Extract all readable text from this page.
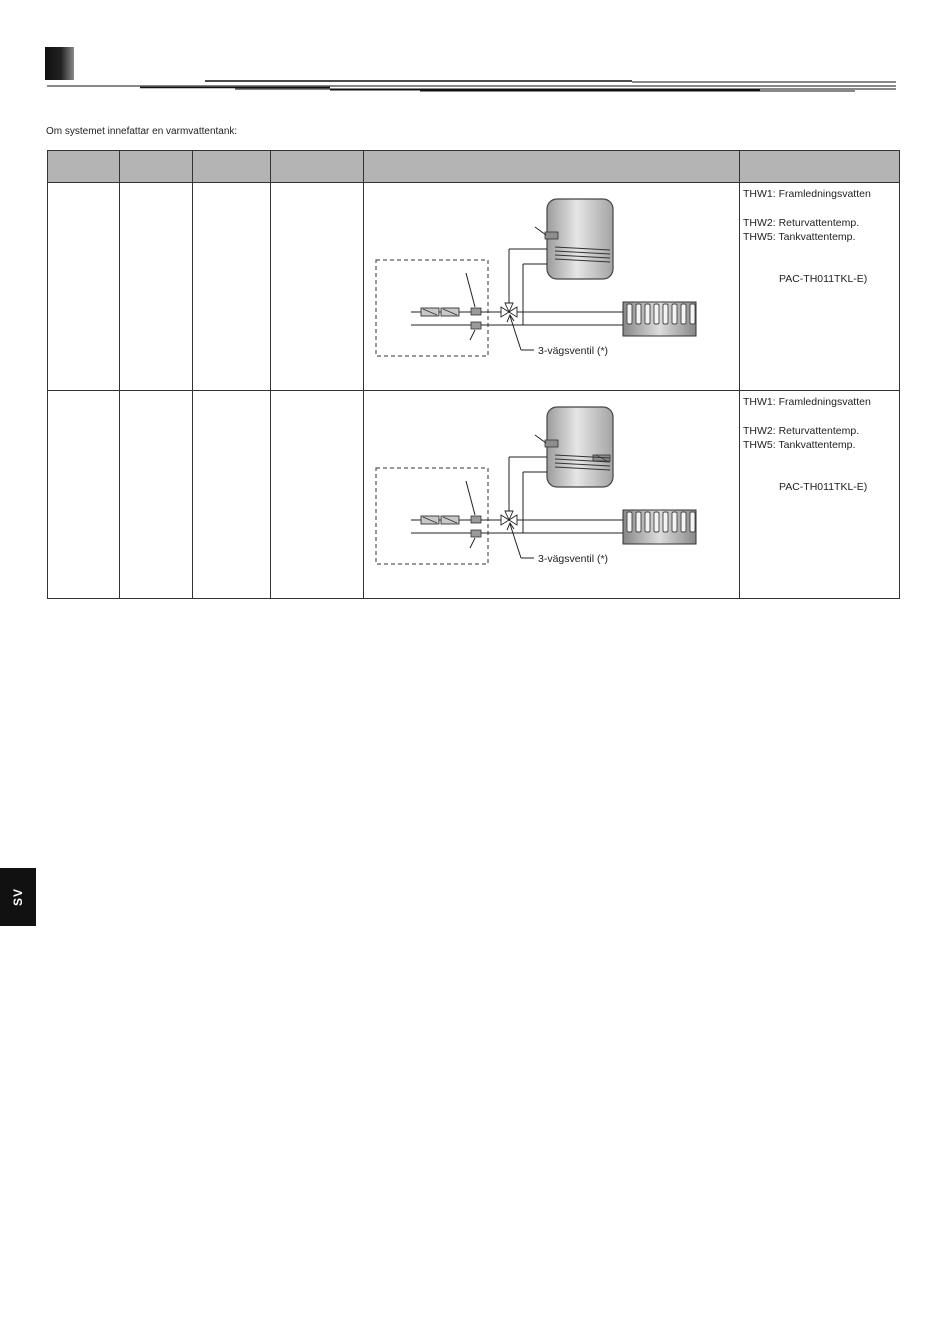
Om systemet innefattar en varmvattentank:

3-vägsventil (*)	THW1: Framledningsvatten
THW2: Returvattentemp.
THW5: Tankvattentemp.
PAC-TH011TKL-E)

3-vägsventil (*)	THW1: Framledningsvatten
THW2: Returvattentemp.
THW5: Tankvattentemp.
PAC-TH011TKL-E)
SV
